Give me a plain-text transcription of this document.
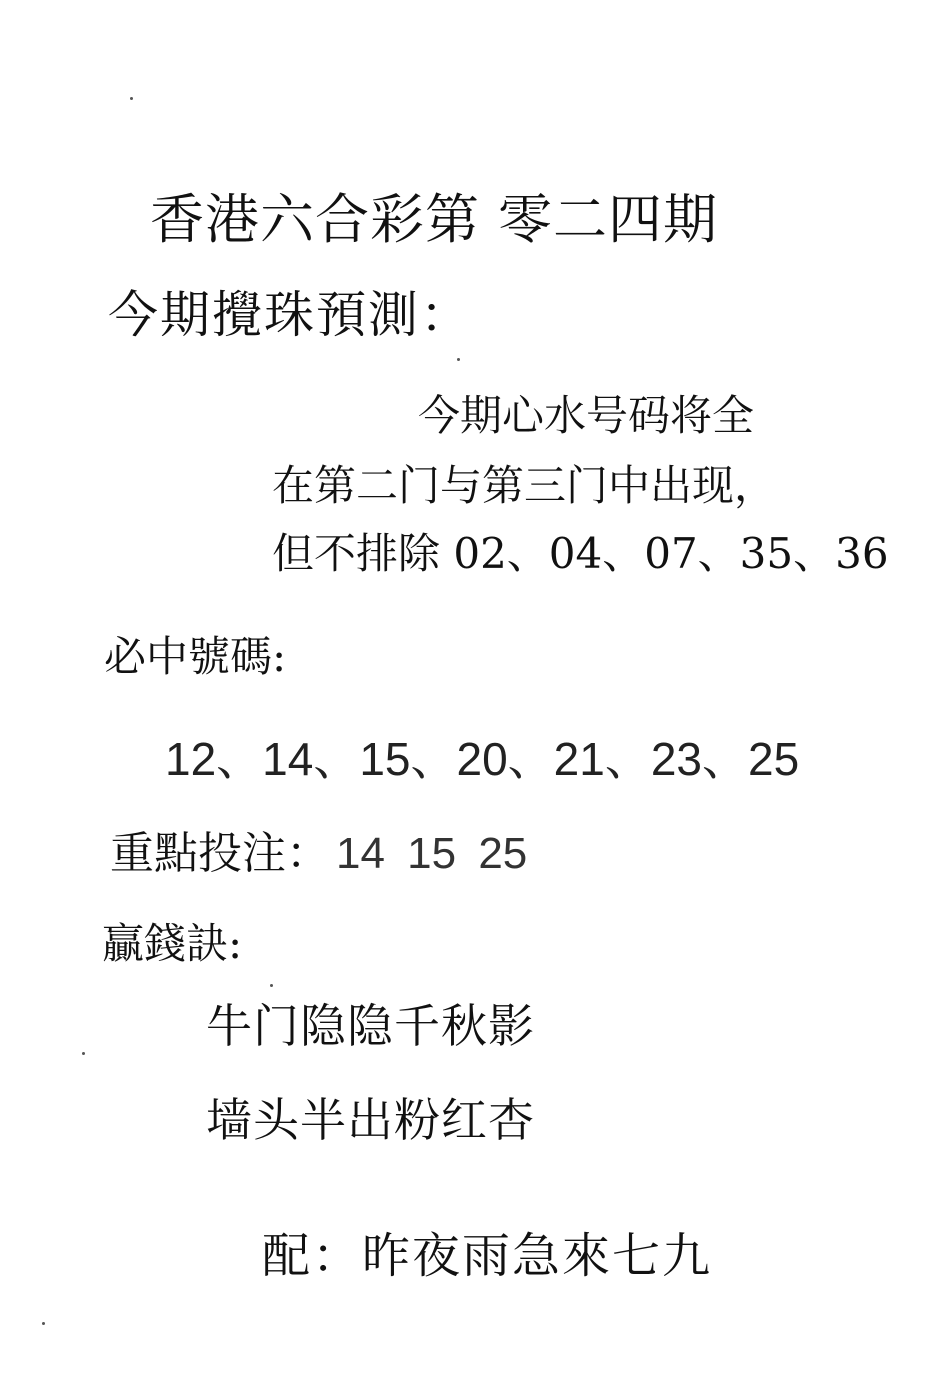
香港六合彩第 零二四期
今期攪珠預測：
今期心水号码将全
在第二门与第三门中出现，
但不排除 02、04、07、35、36
必中號碼:
12、14、15、20、21、23、25
重點投注： 14 15 25
贏錢訣:
牛门隐隐千秋影
墙头半出粉红杏
配：昨夜雨急來七九
